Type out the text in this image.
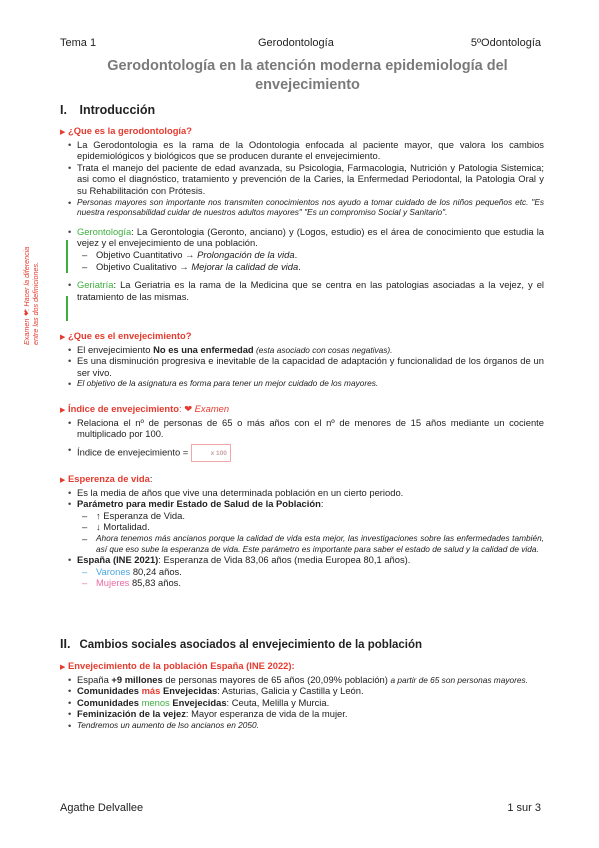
Tema 1	Gerodontología	5ºOdontología
Gerodontología en la atención moderna epidemiología del envejecimiento
I. Introducción
▶ ¿Que es la gerodontología?
• La Gerodontologia es la rama de la Odontologia enfocada al paciente mayor, que valora los cambios epidemiológicos y biológicos que se producen durante el envejecimiento.
• Trata el manejo del paciente de edad avanzada, su Psicologia, Farmacologia, Nutrición y Patologia Sistemica; asi como el diagnóstico, tratamiento y prevención de la Caries, la Enfermedad Periodontal, la Patologia Oral y su Rehabilitación con Prótesis.
• Personas mayores son importante nos transmiten conocimientos nos ayudo a tomar cuidado de los niños pequeños etc. "Es nuestra responsabilidad cuidar de nuestros adultos mayores" "Es un compromiso Social y Sanitario".
• Gerontología: La Gerontologia (Geronto, anciano) y (Logos, estudio) es el área de conocimiento que estudia la vejez y el envejecimiento de una población.
– Objetivo Cuantitativo → Prolongación de la vida.
– Objetivo Cualitativo → Mejorar la calidad de vida.
• Geriatría: La Geriatria es la rama de la Medicina que se centra en las patologias asociadas a la vejez, y el tratamiento de las mismas.
Examen ❤: Hacer la diferencia entre las dos definiciones.	▶ ¿Que es el envejecimiento?
• El envejecimiento No es una enfermedad (esta asociado con cosas negativas).
• Es una disminución progresiva e inevitable de la capacidad de adaptación y funcionalidad de los órganos de un ser vivo.
• El objetivo de la asignatura es forma para tener un mejor cuidado de los mayores.
▶ Índice de envejecimiento : ❤
Examen
• Relaciona el nº de personas de 65 o más años con el nº de menores de 15 años mediante un cociente multiplicado por 100.
• Índice de envejecimiento =	x 100
▶ Esperenza de vida :
• Es la media de años que vive una determinada población en un cierto periodo.
• Parámetro para medir Estado de Salud de la Población:
– ↑ Esperanza de Vida.
– ↓ Mortalidad.
–	Ahora tenemos más ancianos porque la calidad de vida esta mejor, las investigaciones sobre las enfermedades también, así que eso sube la esperanza de vida. Este parámetro es importante para saber el estado de salud y la calidad de vida.
• España (INE 2021): Esperanza de Vida 83,06 años (media Europea 80,1 años).
– Varones 80,24 años.
– Mujeres 85,83 años.
II. Cambios sociales asociados al envejecimiento de la población
▶ Envejecimiento de la población España (INE 2022) :
• España +9 millones de personas mayores de 65 años (20,09% población) a partir de 65 son personas mayores.
• Comunidades más Envejecidas: Asturias, Galicia y Castilla y León.
• Comunidades menos Envejecidas: Ceuta, Melilla y Murcia.
• Feminización de la vejez: Mayor esperanza de vida de la mujer.
• Tendremos un aumento de lso ancianos en 2050.
Agathe Delvallee	1 sur 3
